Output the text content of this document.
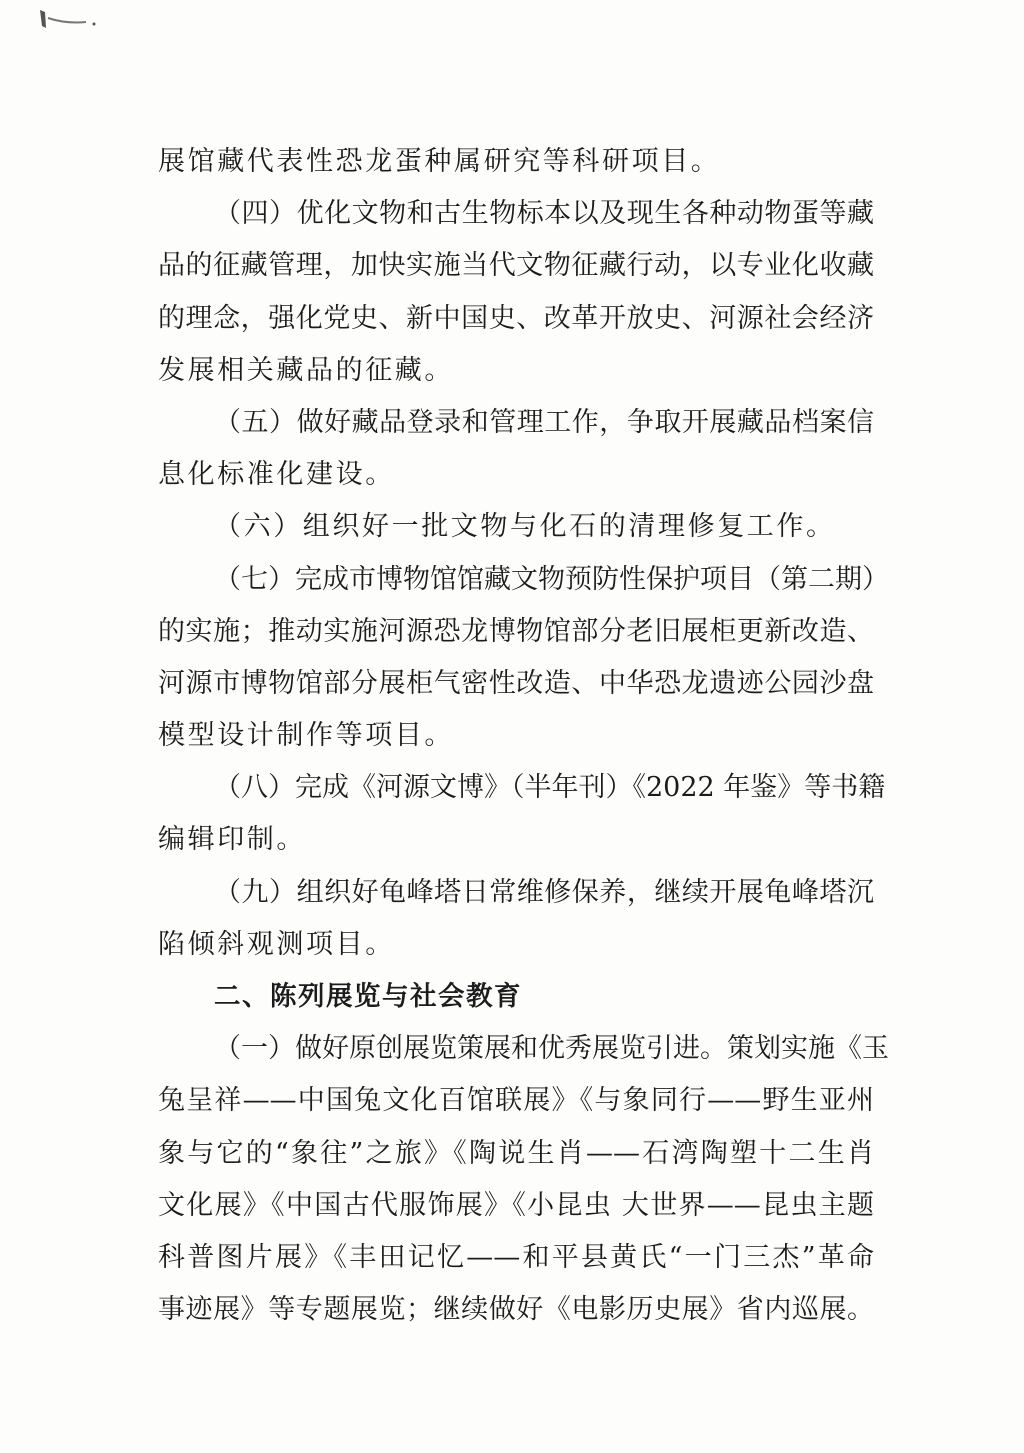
展馆藏代表性恐龙蛋种属研究等科研项目。
（四）优化文物和古生物标本以及现生各种动物蛋等藏
品的征藏管理，加快实施当代文物征藏行动，以专业化收藏
的理念，强化党史、新中国史、改革开放史、河源社会经济
发展相关藏品的征藏。
（五）做好藏品登录和管理工作，争取开展藏品档案信
息化标准化建设。
（六）组织好一批文物与化石的清理修复工作。
（七）完成市博物馆馆藏文物预防性保护项目（第二期）
的实施；推动实施河源恐龙博物馆部分老旧展柜更新改造、
河源市博物馆部分展柜气密性改造、中华恐龙遗迹公园沙盘
模型设计制作等项目。
（八）完成《河源文博》（半年刊）《2022 年鉴》等书籍
编辑印制。
（九）组织好龟峰塔日常维修保养，继续开展龟峰塔沉
陷倾斜观测项目。
二、陈列展览与社会教育
（一）做好原创展览策展和优秀展览引进。策划实施《玉
兔呈祥——中国兔文化百馆联展》《与象同行——野生亚州
象与它的“象往”之旅》《陶说生肖——石湾陶塑十二生肖
文化展》《中国古代服饰展》《小昆虫 大世界——昆虫主题
科普图片展》《丰田记忆——和平县黄氏“一门三杰”革命
事迹展》等专题展览；继续做好《电影历史展》省内巡展。
